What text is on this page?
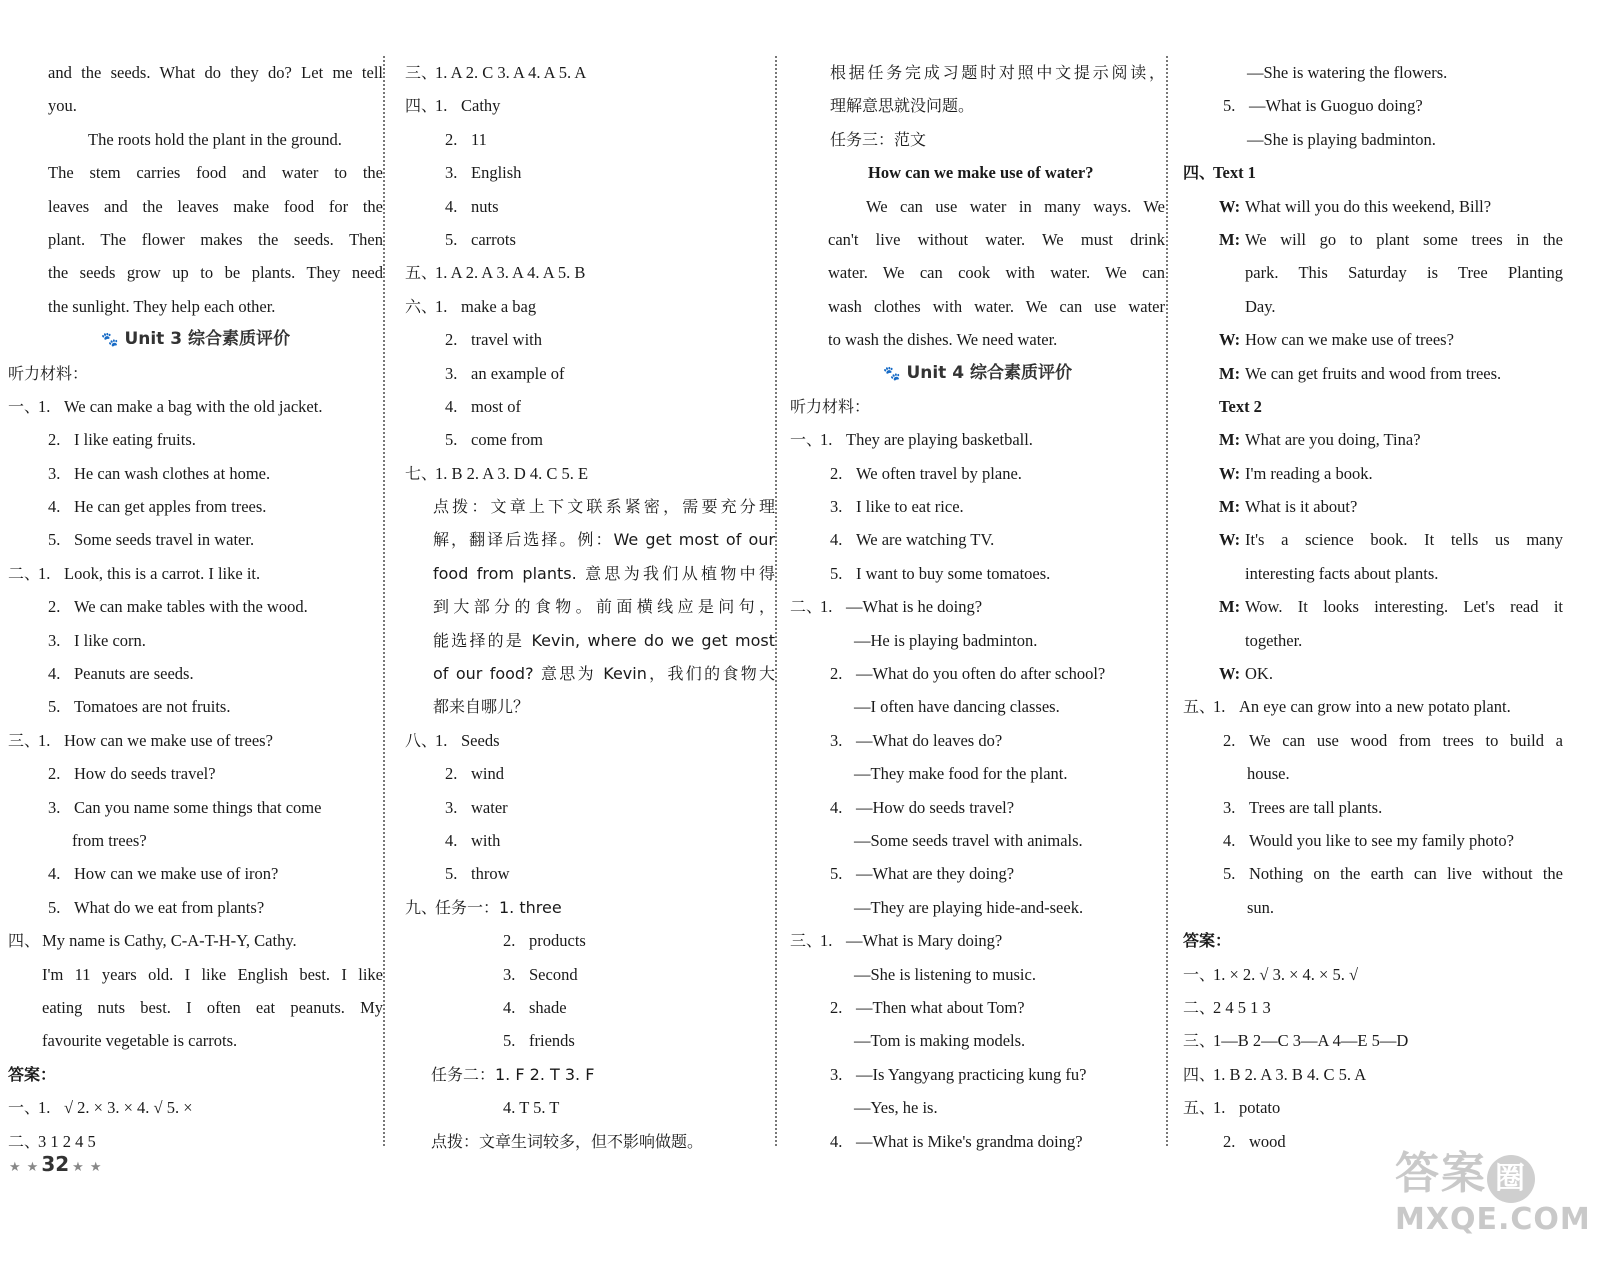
and the seeds. What do they do? Let me tell
you.
The roots hold the plant in the ground.
The stem carries food and water to the
leaves and the leaves make food for the
plant. The flower makes the seeds. Then
the seeds grow up to be plants. They need
the sunlight. They help each other.
🐾 Unit 3 综合素质评价
听力材料：
一、1. We can make a bag with the old jacket.
2. I like eating fruits.
3. He can wash clothes at home.
4. He can get apples from trees.
5. Some seeds travel in water.
二、1. Look, this is a carrot. I like it.
2. We can make tables with the wood.
3. I like corn.
4. Peanuts are seeds.
5. Tomatoes are not fruits.
三、1. How can we make use of trees?
2. How do seeds travel?
3. Can you name some things that come
from trees?
4. How can we make use of iron?
5. What do we eat from plants?
四、 My name is Cathy, C-A-T-H-Y, Cathy.
I'm 11 years old. I like English best. I like
eating nuts best. I often eat peanuts. My
favourite vegetable is carrots.
答案：
一、1. √ 2. × 3. × 4. √ 5. ×
二、3 1 2 4 5
三、1. A 2. C 3. A 4. A 5. A
四、1. Cathy
2. 11
3. English
4. nuts
5. carrots
五、1. A 2. A 3. A 4. A 5. B
六、1. make a bag
2. travel with
3. an example of
4. most of
5. come from
七、1. B 2. A 3. D 4. C 5. E
点拨：文章上下文联系紧密，需要充分理
解，翻译后选择。例：We get most of our
food from plants. 意思为我们从植物中得
到大部分的食物。前面横线应是问句，
能选择的是 Kevin, where do we get most
of our food? 意思为 Kevin，我们的食物大
都来自哪儿？
八、1. Seeds
2. wind
3. water
4. with
5. throw
九、任务一：1. three
2. products
3. Second
4. shade
5. friends
任务二：1. F 2. T 3. F
4. T 5. T
点拨：文章生词较多，但不影响做题。
根据任务完成习题时对照中文提示阅读，
理解意思就没问题。
任务三：范文
How can we make use of water?
We can use water in many ways. We
can't live without water. We must drink
water. We can cook with water. We can
wash clothes with water. We can use water
to wash the dishes. We need water.
🐾 Unit 4 综合素质评价
听力材料：
一、1. They are playing basketball.
2. We often travel by plane.
3. I like to eat rice.
4. We are watching TV.
5. I want to buy some tomatoes.
二、1. —What is he doing?
—He is playing badminton.
2. —What do you often do after school?
—I often have dancing classes.
3. —What do leaves do?
—They make food for the plant.
4. —How do seeds travel?
—Some seeds travel with animals.
5. —What are they doing?
—They are playing hide-and-seek.
三、1. —What is Mary doing?
—She is listening to music.
2. —Then what about Tom?
—Tom is making models.
3. —Is Yangyang practicing kung fu?
—Yes, he is.
4. —What is Mike's grandma doing?
—She is watering the flowers.
5. —What is Guoguo doing?
—She is playing badminton.
四、Text 1
W: What will you do this weekend, Bill?
M: We will go to plant some trees in the
park. This Saturday is Tree Planting
Day.
W: How can we make use of trees?
M: We can get fruits and wood from trees.
Text 2
M: What are you doing, Tina?
W: I'm reading a book.
M: What is it about?
W: It's a science book. It tells us many
interesting facts about plants.
M: Wow. It looks interesting. Let's read it
together.
W: OK.
五、1. An eye can grow into a new potato plant.
2. We can use wood from trees to build a
house.
3. Trees are tall plants.
4. Would you like to see my family photo?
5. Nothing on the earth can live without the
sun.
答案：
一、1. × 2. √ 3. × 4. × 5. √
二、2 4 5 1 3
三、1—B 2—C 3—A 4—E 5—D
四、1. B 2. A 3. B 4. C 5. A
五、1. potato
2. wood
★ ★ 32 ★ ★	答案 圈
MXQE.COM
